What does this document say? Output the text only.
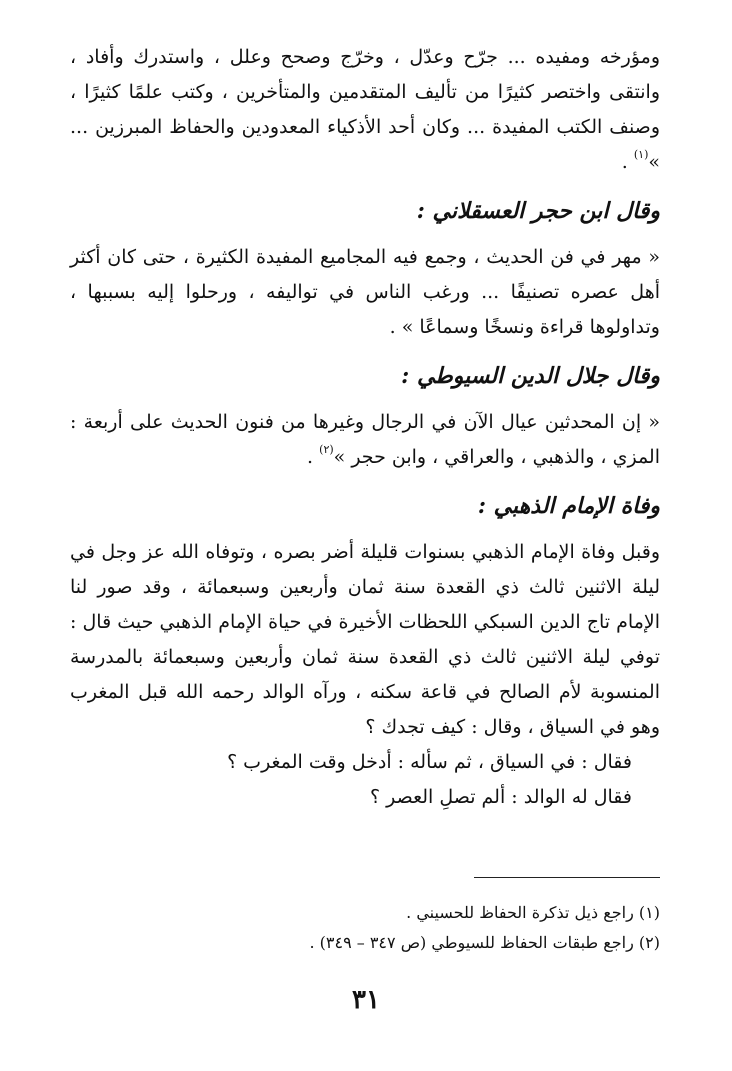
ومؤرخه ومفيده ... جرّح وعدّل ، وخرّج وصحح وعلل ، واستدرك وأفاد ، وانتقى واختصر كثيرًا من تأليف المتقدمين والمتأخرين ، وكتب علمًا كثيرًا ، وصنف الكتب المفيدة ... وكان أحد الأذكياء المعدودين والحفاظ المبرزين ... »$^{(١)}$ .

وقال ابن حجر العسقلاني :

« مهر في فن الحديث ، وجمع فيه المجاميع المفيدة الكثيرة ، حتى كان أكثر أهل عصره تصنيفًا ... ورغب الناس في تواليفه ، ورحلوا إليه بسببها ، وتداولوها قراءة ونسخًا وسماعًا » .

وقال جلال الدين السيوطي :

« إن المحدثين عيال الآن في الرجال وغيرها من فنون الحديث على أربعة : المزي ، والذهبي ، والعراقي ، وابن حجر »$^{(٢)}$ .

وفاة الإمام الذهبي :

وقبل وفاة الإمام الذهبي بسنوات قليلة أضر بصره ، وتوفاه الله عز وجل في ليلة الاثنين ثالث ذي القعدة سنة ثمان وأربعين وسبعمائة ، وقد صور لنا الإمام تاج الدين السبكي اللحظات الأخيرة في حياة الإمام الذهبي حيث قال : توفي ليلة الاثنين ثالث ذي القعدة سنة ثمان وأربعين وسبعمائة بالمدرسة المنسوبة لأم الصالح في قاعة سكنه ، ورآه الوالد رحمه الله قبل المغرب وهو في السياق ، وقال : كيف تجدك ؟

فقال : في السياق ، ثم سأله : أدخل وقت المغرب ؟

فقال له الوالد : ألم تصلِ العصر ؟

(١) راجع ذيل تذكرة الحفاظ للحسيني .

(٢) راجع طبقات الحفاظ للسيوطي (ص ٣٤٧ – ٣٤٩) .

٣١
